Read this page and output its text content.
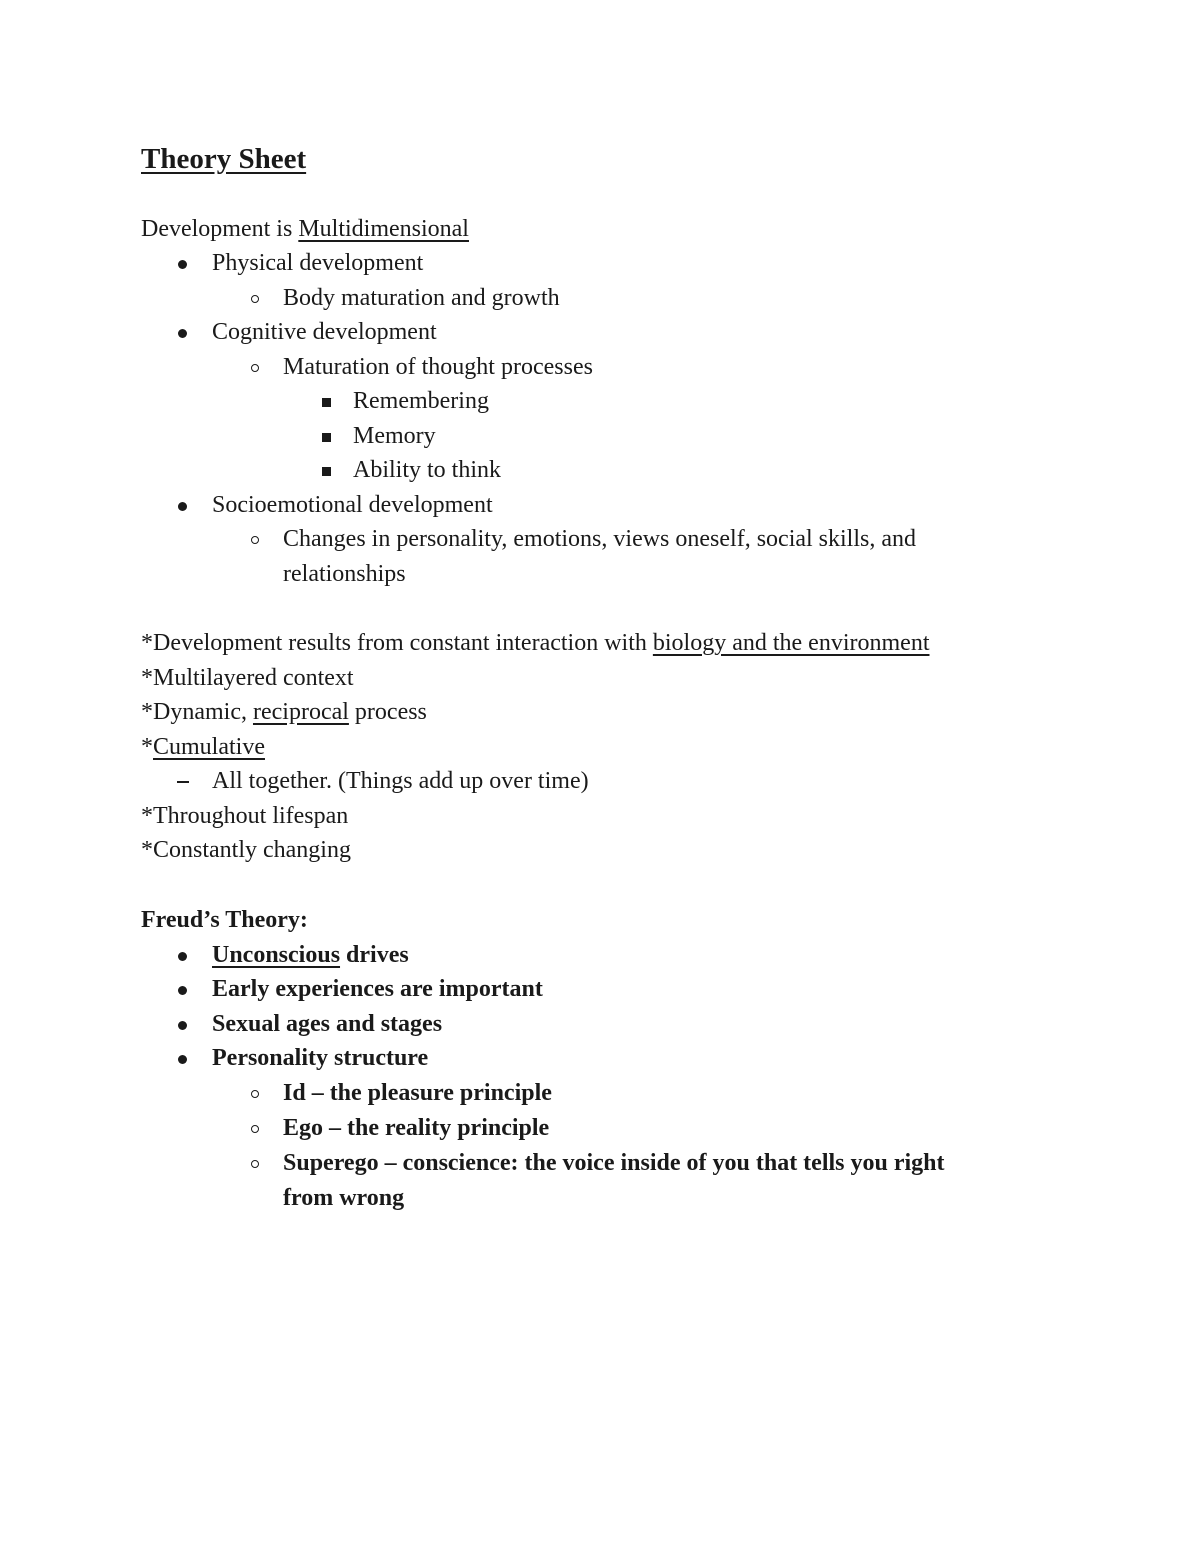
Theory Sheet
Development is Multidimensional
Physical development
Body maturation and growth
Cognitive development
Maturation of thought processes
Remembering
Memory
Ability to think
Socioemotional development
Changes in personality, emotions, views oneself, social skills, and
relationships
*Development results from constant interaction with biology and the environment
*Multilayered context
*Dynamic, reciprocal process
*Cumulative
All together. (Things add up over time)
*Throughout lifespan
*Constantly changing
Freud’s Theory:
Unconscious drives
Early experiences are important
Sexual ages and stages
Personality structure
Id – the pleasure principle
Ego – the reality principle
Superego – conscience: the voice inside of you that tells you right
from wrong
